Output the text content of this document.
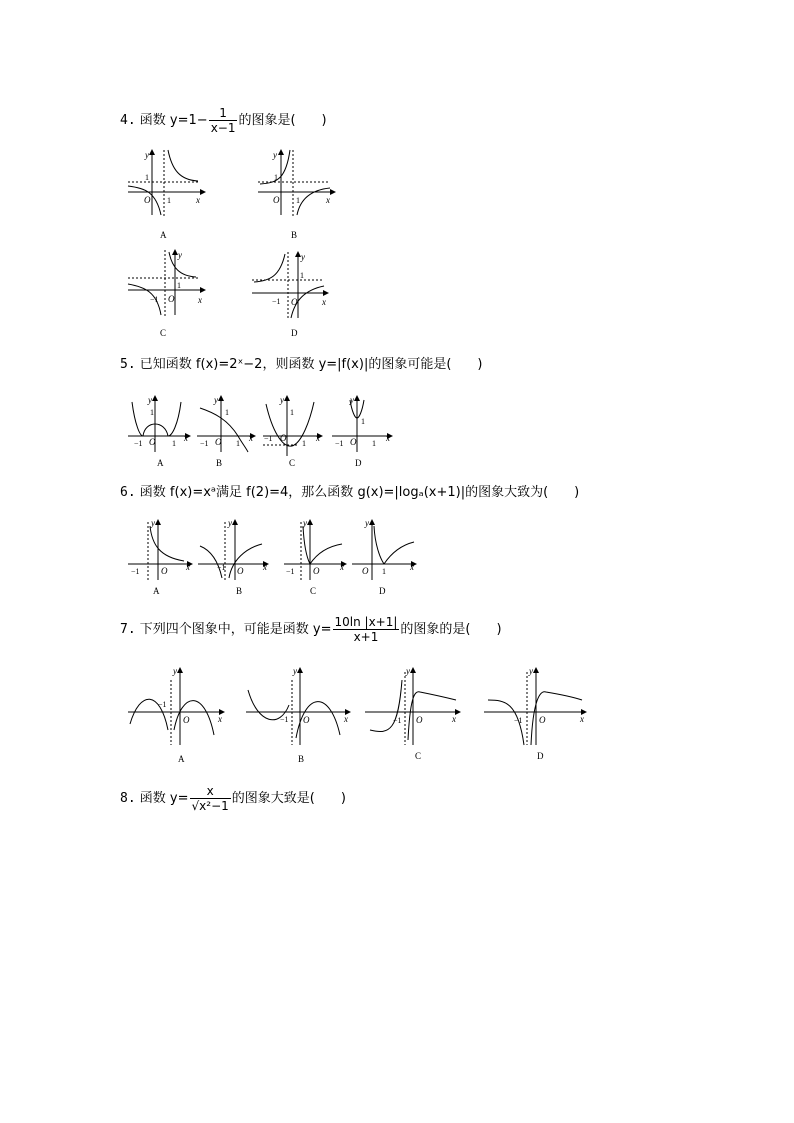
4. 函数 $y=1- \frac{1}{x-1}$ 的图象是(　　)
5. 已知函数 f(x)=2ˣ−2，则函数 y=|f(x)|的图象可能是(　　)
6. 函数 f(x)=xᵃ满足 f(2)=4，那么函数 g(x)=|logₐ(x+1)|的图象大致为(　　)
7. 下列四个图象中，可能是函数 $y= \frac{10\ln |x+1|}{x+1}$ 的图象的是(　　)
8. 函数 $y= \frac{x}{\text{√x²−1}}$ 的图象大致是(　　)
y
x
O
1
1
A
y
x
O
1
1
B
y
x
O
1
−1
C
y
x
O
1
−1
D
y
x
O
1
−1	1
A
y
x
O
1
−1	1
B
y
x
O
1
−1
1
C
y
x
O
1
−1	1
D
y
x
O
−1
A
y
x
O
−1
B
y
x
O
−1
C
y
x
O 1
D
y
x
O
−1
A
y
x
O
−1
B
y
x
O
−1
C
y
x
O
−1
D
